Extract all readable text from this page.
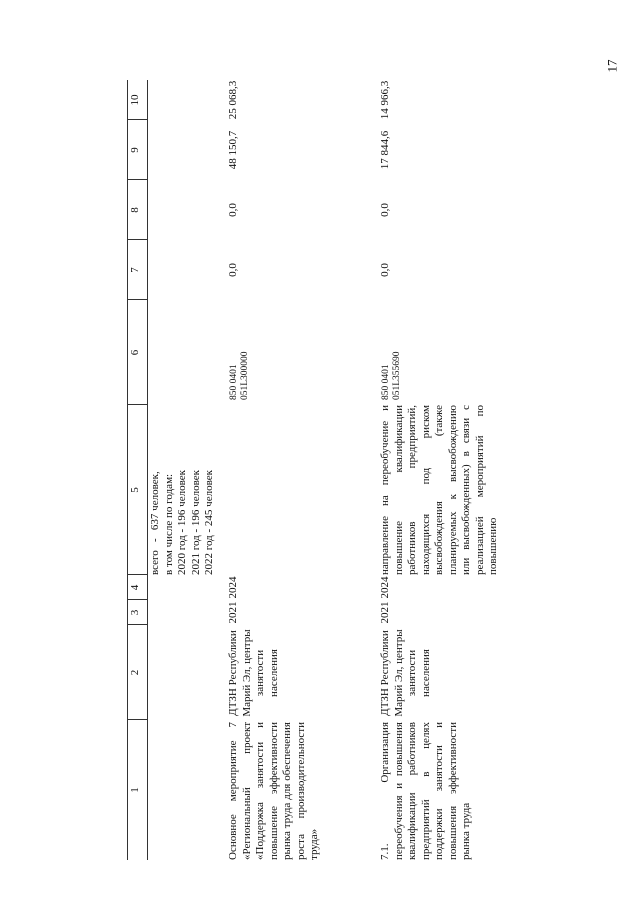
17
1
2
3
4
5
6
7
8
9
10
всего   -   637 человек, в том числе по годам: 2020 год - 196 человек 2021 год - 196 человек 2022 год - 245 человек
Основное мероприятие 7 «Региональный проект «Поддержка занятости и повышение эффективности рынка труда для обеспечения роста производительности труда»
ДТЗН Республики Марий Эл, центры занятости населения
2021
2024
850 0401 051L300000
0,0
0,0
48 150,7
25 068,3
7.1. Организация переобучения и повышения квалификации работников предприятий в целях поддержки занятости и повышения эффективности рынка труда
ДТЗН Республики Марий Эл, центры занятости населения
2021
2024
направление на переобучение и повышение квалификации работников предприятий, находящихся под риском высвобождения (также планируемых к высвобождению или высвобожденных) в связи с реализацией мероприятий по повышению
850 0401 051L355690
0,0
0,0
17 844,6
14 966,3
